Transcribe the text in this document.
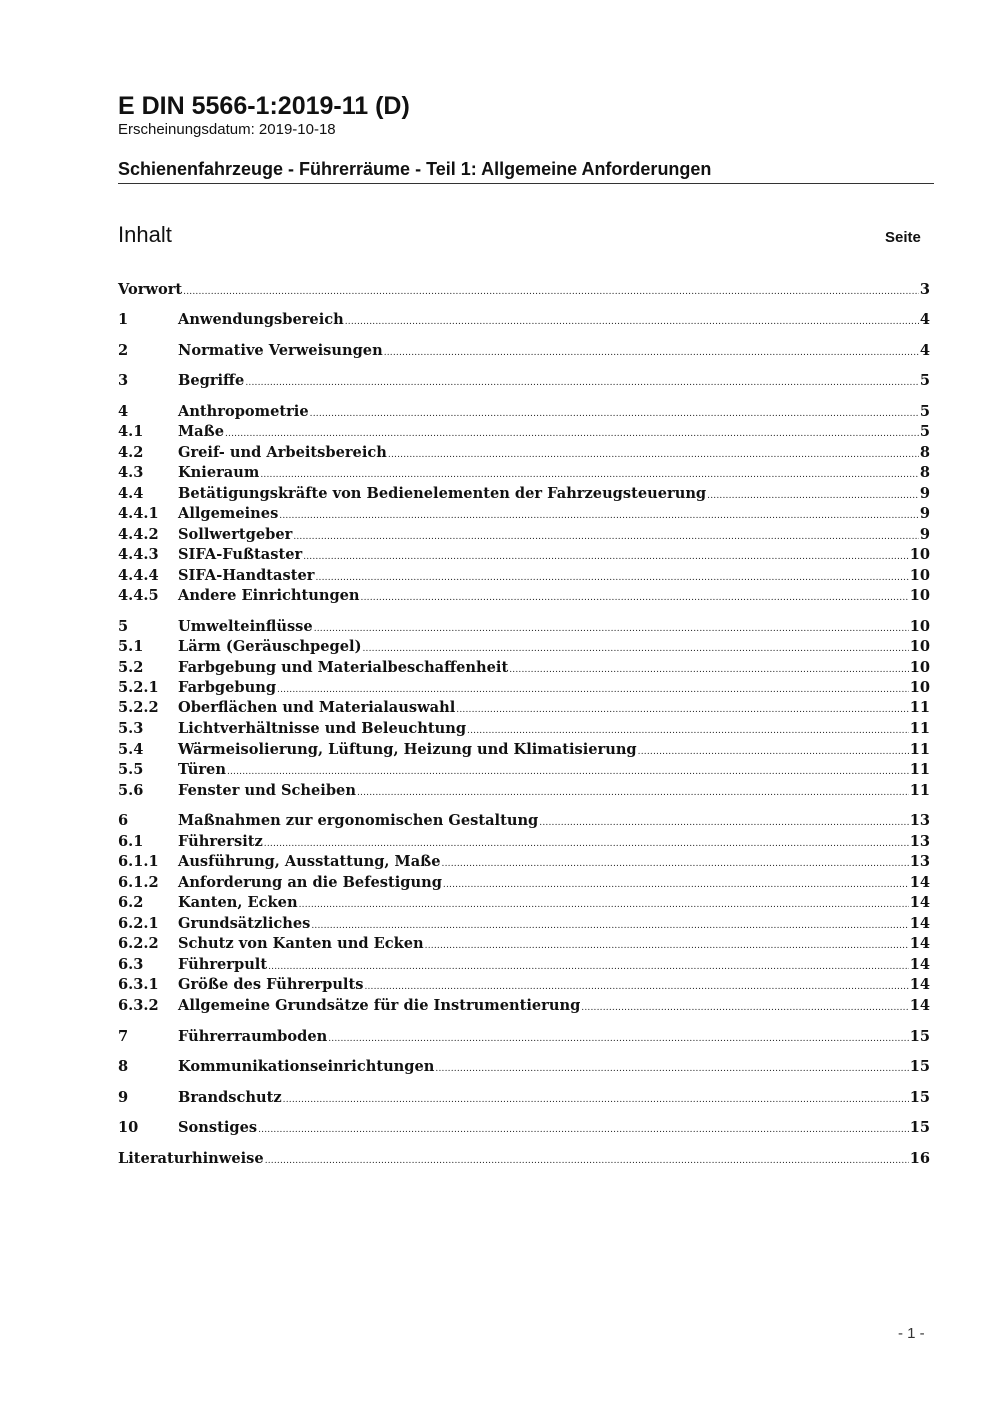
E DIN 5566-1:2019-11 (D)
Erscheinungsdatum: 2019-10-18
Schienenfahrzeuge - Führerräume - Teil 1: Allgemeine Anforderungen
Inhalt	Seite
Vorwort .....	3
1	Anwendungsbereich .....	4
2	Normative Verweisungen .....	4
3	Begriffe .....	5
4	Anthropometrie .....	5
4.1	Maße .....	5
4.2	Greif- und Arbeitsbereich .....	8
4.3	Knieraum .....	8
4.4	Betätigungskräfte von Bedienelementen der Fahrzeugsteuerung .....	9
4.4.1	Allgemeines .....	9
4.4.2	Sollwertgeber .....	9
4.4.3	SIFA-Fußtaster .....	10
4.4.4	SIFA-Handtaster .....	10
4.4.5	Andere Einrichtungen .....	10
5	Umwelteinflüsse .....	10
5.1	Lärm (Geräuschpegel) .....	10
5.2	Farbgebung und Materialbeschaffenheit .....	10
5.2.1	Farbgebung .....	10
5.2.2	Oberflächen und Materialauswahl .....	11
5.3	Lichtverhältnisse und Beleuchtung .....	11
5.4	Wärmeisolierung, Lüftung, Heizung und Klimatisierung .....	11
5.5	Türen .....	11
5.6	Fenster und Scheiben .....	11
6	Maßnahmen zur ergonomischen Gestaltung .....	13
6.1	Führersitz .....	13
6.1.1	Ausführung, Ausstattung, Maße .....	13
6.1.2	Anforderung an die Befestigung .....	14
6.2	Kanten, Ecken .....	14
6.2.1	Grundsätzliches .....	14
6.2.2	Schutz von Kanten und Ecken .....	14
6.3	Führerpult .....	14
6.3.1	Größe des Führerpults .....	14
6.3.2	Allgemeine Grundsätze für die Instrumentierung .....	14
7	Führerraumboden .....	15
8	Kommunikationseinrichtungen .....	15
9	Brandschutz .....	15
10	Sonstiges .....	15
Literaturhinweise .....	16
- 1 -
